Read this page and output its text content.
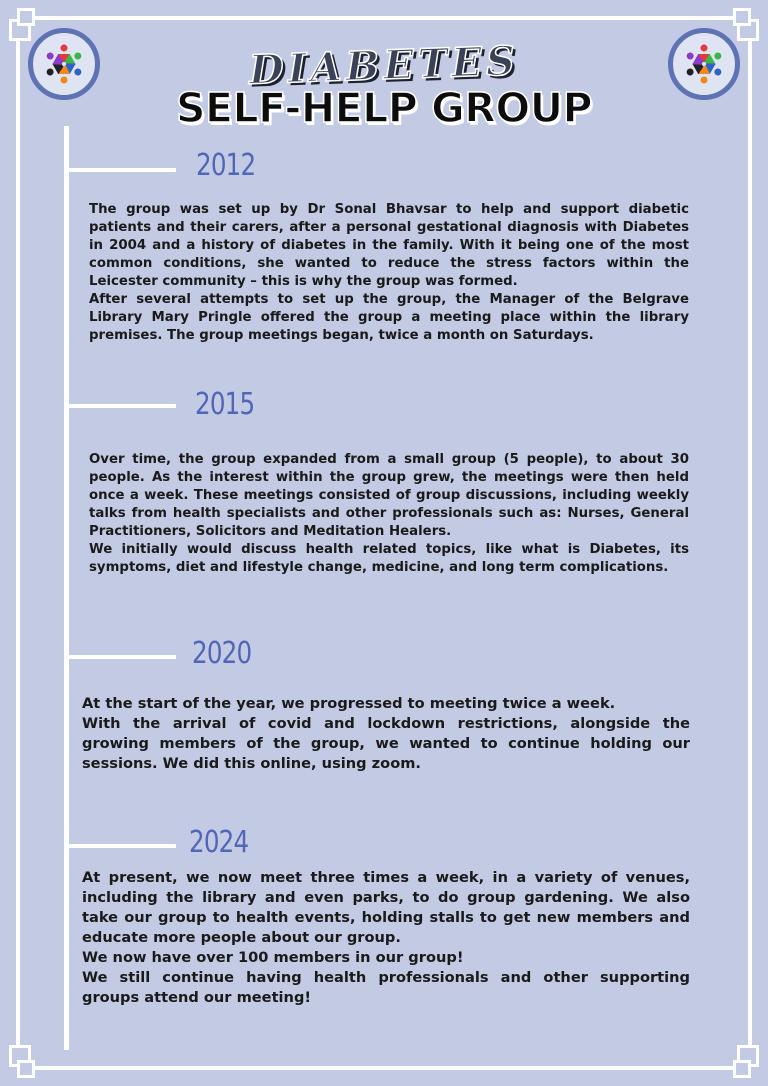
DIABETES
SELF-HELP GROUP
2012

The group was set up by Dr Sonal Bhavsar to help and support diabetic patients and their carers, after a personal gestational diagnosis with Diabetes in 2004 and a history of diabetes in the family. With it being one of the most common conditions, she wanted to reduce the stress factors within the Leicester community – this is why the group was formed.

After several attempts to set up the group, the Manager of the Belgrave Library Mary Pringle offered the group a meeting place within the library premises. The group meetings began, twice a month on Saturdays.

2015

Over time, the group expanded from a small group (5 people), to about 30 people. As the interest within the group grew, the meetings were then held once a week. These meetings consisted of group discussions, including weekly talks from health specialists and other professionals such as: Nurses, General Practitioners, Solicitors and Meditation Healers.

We initially would discuss health related topics, like what is Diabetes, its symptoms, diet and lifestyle change, medicine, and long term complications.

2020

At the start of the year, we progressed to meeting twice a week.

With the arrival of covid and lockdown restrictions, alongside the growing members of the group, we wanted to continue holding our sessions. We did this online, using zoom.

2024

At present, we now meet three times a week, in a variety of venues, including the library and even parks, to do group gardening. We also take our group to health events, holding stalls to get new members and educate more people about our group.

We now have over 100 members in our group!

We still continue having health professionals and other supporting groups attend our meeting!
